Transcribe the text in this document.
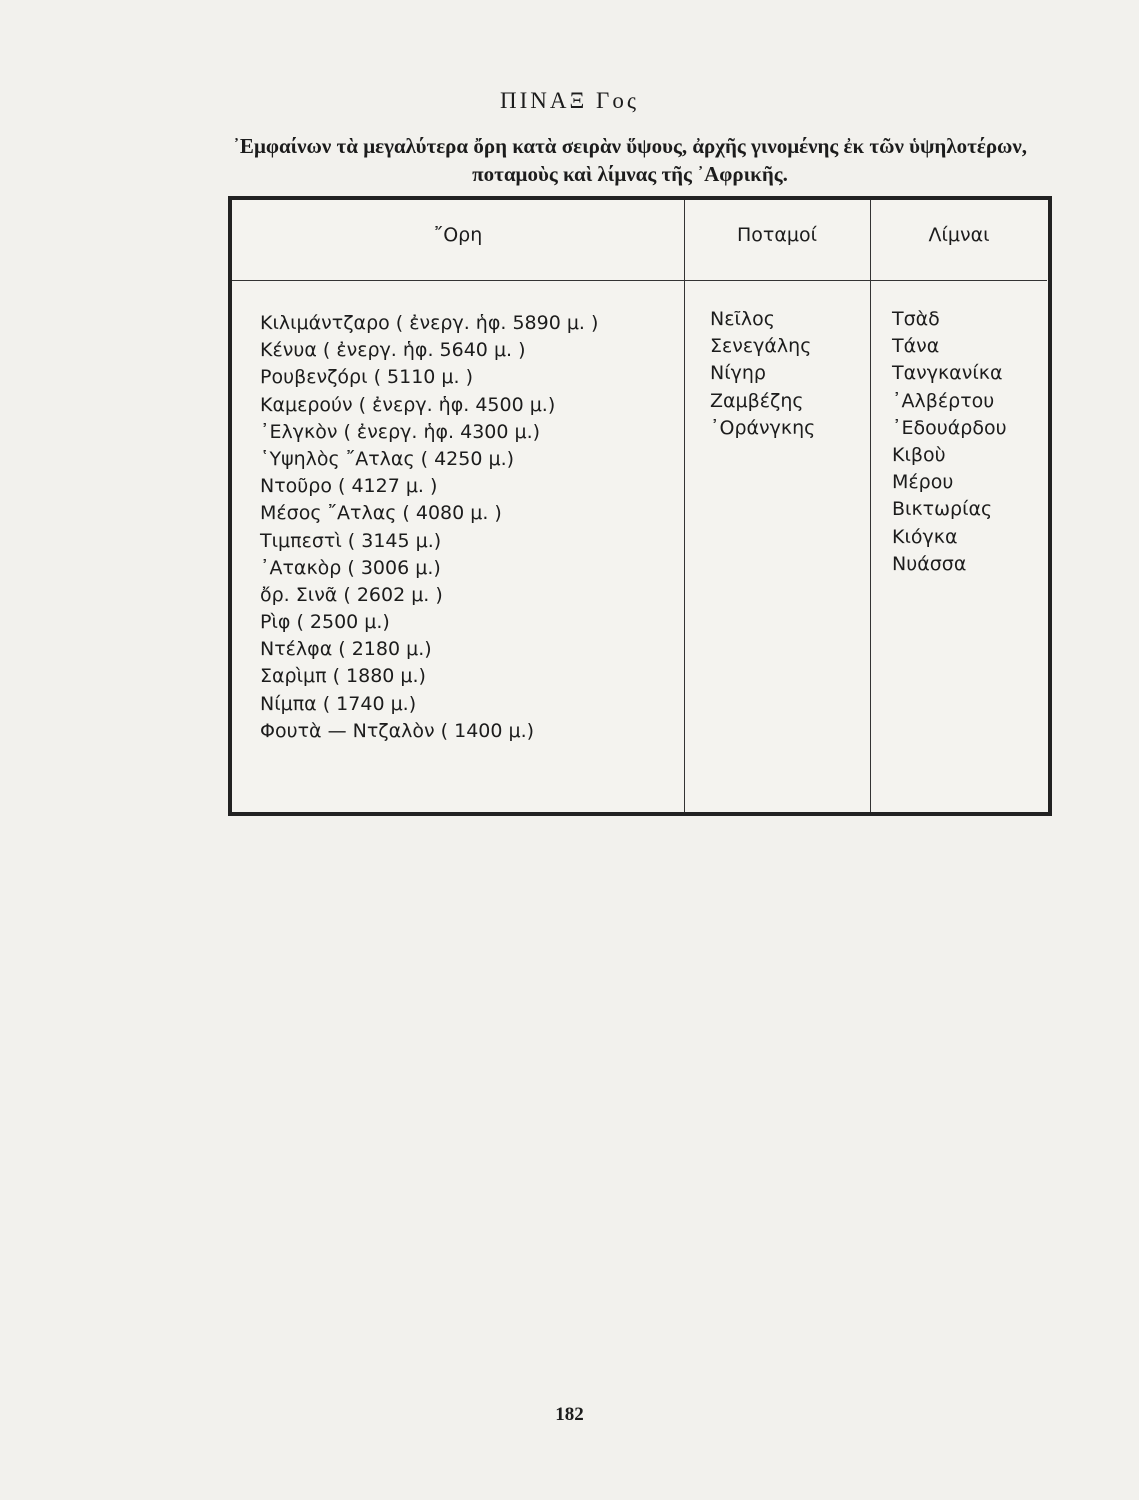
ΠΙΝΑΞ Γος
᾿Εμφαίνων τὰ μεγαλύτερα ὄρη κατὰ σειρὰν ὕψους, ἀρχῆς γινομένης ἐκ τῶν ὑψηλοτέρων, ποταμοὺς καὶ λίμνας τῆς ᾿Αφρικῆς.
῎Ορη	Ποταμοί	Λίμναι
Κιλιμάντζαρο ( ἐνεργ. ἡφ. 5890 μ. )
Κένυα ( ἐνεργ. ἡφ. 5640 μ. )
Ρουβενζόρι ( 5110 μ. )
Καμερούν ( ἐνεργ. ἡφ. 4500 μ.)
᾿Ελγκὸν ( ἐνεργ. ἡφ. 4300 μ.)
῾Υψηλὸς ῎Ατλας ( 4250 μ.)
Ντοῦρο ( 4127 μ. )
Μέσος ῎Ατλας ( 4080 μ. )
Τιμπεστὶ ( 3145 μ.)
᾿Ατακὸρ ( 3006 μ.)
ὄρ. Σινᾶ ( 2602 μ. )
Ρὶφ ( 2500 μ.)
Ντέλφα ( 2180 μ.)
Σαρὶμπ ( 1880 μ.)
Νίμπα ( 1740 μ.)
Φουτὰ — Ντζαλὸν ( 1400 μ.)
Νεῖλος
Σενεγάλης
Νίγηρ
Ζαμβέζης
᾿Οράνγκης
Τσὰδ
Τάνα
Τανγκανίκα
᾿Αλβέρτου
᾿Εδουάρδου
Κιβοὺ
Μέρου
Βικτωρίας
Κιόγκα
Νυάσσα
182
